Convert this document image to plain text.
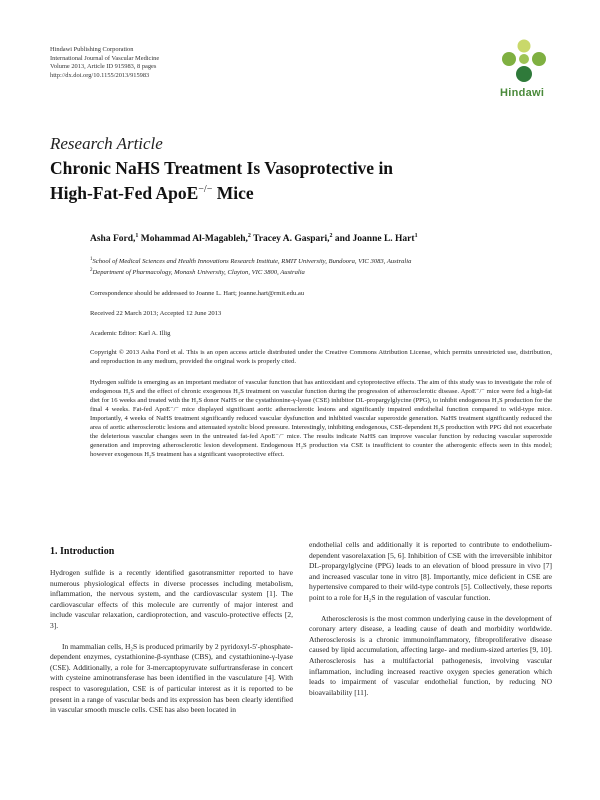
Hindawi Publishing Corporation
International Journal of Vascular Medicine
Volume 2013, Article ID 915983, 8 pages
http://dx.doi.org/10.1155/2013/915983
Hindawi
Research Article
Chronic NaHS Treatment Is Vasoprotective in
High-Fat-Fed ApoE−/− Mice
Asha Ford,$^1$ Mohammad Al-Magableh,$^2$ Tracey A. Gaspari,$^2$ and Joanne L. Hart$^1$
$^1$School of Medical Sciences and Health Innovations Research Institute, RMIT University, Bundoora, VIC 3083, Australia
$^2$Department of Pharmacology, Monash University, Clayton, VIC 3800, Australia
Correspondence should be addressed to Joanne L. Hart; joanne.hart@rmit.edu.au
Received 22 March 2013; Accepted 12 June 2013
Academic Editor: Karl A. Illig
Copyright © 2013 Asha Ford et al. This is an open access article distributed under the Creative Commons Attribution License, which permits unrestricted use, distribution, and reproduction in any medium, provided the original work is properly cited.
Hydrogen sulfide is emerging as an important mediator of vascular function that has antioxidant and cytoprotective effects. The aim of this study was to investigate the role of endogenous H₂S and the effect of chronic exogenous H₂S treatment on vascular function during the progression of atherosclerotic disease. ApoE⁻/⁻ mice were fed a high-fat diet for 16 weeks and treated with the H₂S donor NaHS or the cystathionine-γ-lyase (CSE) inhibitor DL-propargylglycine (PPG), to inhibit endogenous H₂S production for the final 4 weeks. Fat-fed ApoE⁻/⁻ mice displayed significant aortic atherosclerotic lesions and significantly impaired endothelial function compared to wild-type mice. Importantly, 4 weeks of NaHS treatment significantly reduced vascular dysfunction and inhibited vascular superoxide generation. NaHS treatment significantly reduced the area of aortic atherosclerotic lesions and attenuated systolic blood pressure. Interestingly, inhibiting endogenous, CSE-dependent H₂S production with PPG did not exacerbate the deleterious vascular changes seen in the untreated fat-fed ApoE⁻/⁻ mice. The results indicate NaHS can improve vascular function by reducing vascular superoxide generation and improving atherosclerotic lesion development. Endogenous H₂S production via CSE is insufficient to counter the atherogenic effects seen in this model; however exogenous H₂S treatment has a significant vasoprotective effect.
1. Introduction

Hydrogen sulfide is a recently identified gasotransmitter reported to have numerous physiological effects in diverse processes including metabolism, inflammation, the nervous system, and the cardiovascular system [1]. The cardiovascular effects of this molecule are currently of major interest and include vascular relaxation, cardioprotection, and vasculo-protective effects [2, 3].

In mammalian cells, H₂S is produced primarily by 2 pyridoxyl-5′-phosphate-dependent enzymes, cystathionine-β-synthase (CBS), and cystathionine-γ-lyase (CSE). Additionally, a role for 3-mercaptopyruvate sulfurtransferase in concert with cysteine aminotransferase has been identified in the vasculature [4]. With respect to vasoregulation, CSE is of particular interest as it is reported to be present in a range of vascular beds and its expression has been clearly identified in vascular smooth muscle cells. CSE has also been located in

endothelial cells and additionally it is reported to contribute to endothelium-dependent vasorelaxation [5, 6]. Inhibition of CSE with the irreversible inhibitor DL-propargylglycine (PPG) leads to an elevation of blood pressure in vivo [7] and increased vascular tone in vitro [8]. Importantly, mice deficient in CSE are hypertensive compared to their wild-type controls [5]. Collectively, these reports point to a role for H₂S in the regulation of vascular function.

Atherosclerosis is the most common underlying cause in the development of coronary artery disease, a leading cause of death and morbidity worldwide. Atherosclerosis is a chronic immunoinflammatory, fibroproliferative disease caused by lipid accumulation, affecting large- and medium-sized arteries [9, 10]. Atherosclerosis has a multifactorial pathogenesis, involving vascular inflammation, including increased reactive oxygen species generation which leads to impairment of vascular endothelial function, by reducing NO bioavailability [11].
